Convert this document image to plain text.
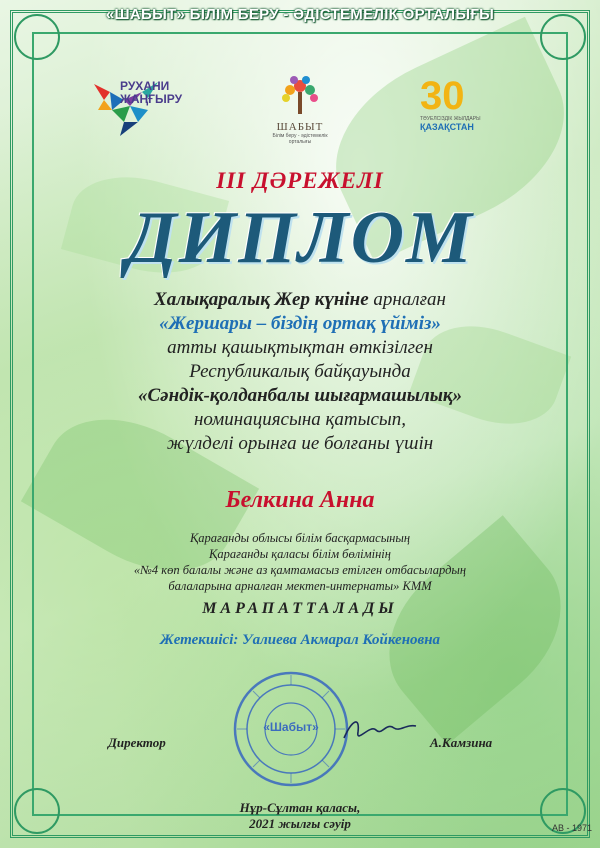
«ШАБЫТ» БІЛІМ БЕРУ - ӘДІСТЕМЕЛІК ОРТАЛЫҒЫ
РУХАНИ
ЖАҢҒЫРУ
ШАБЫТ
Білім беру - әдістемелік орталығы
30
ТӘУЕЛСІЗДІК ЖЫЛДАРЫ
ҚАЗАҚСТАН
III ДӘРЕЖЕЛІ
ДИПЛОМ
Халықаралық Жер күніне арналған
«Жершары – біздің ортақ үйіміз»
атты қашықтықтан өткізілген
Республикалық байқауында
«Сәндік-қолданбалы шығармашылық»
номинациясына қатысып,
жүлделі орынға ие болғаны үшін
Белкина Анна
Қарағанды облысы білім басқармасының
Қарағанды қаласы білім бөлімінің
«№4 көп балалы және аз қамтамасыз етілген отбасылардың
балаларына арналған мектеп-интернаты» КММ
МАРАПАТТАЛАДЫ
Жетекшісі: Уалиева Акмарал Койкеновна
«Шабыт»
Директор	А.Камзина
Нұр-Сұлтан қаласы,
2021 жылғы сәуір	АВ - 1971
